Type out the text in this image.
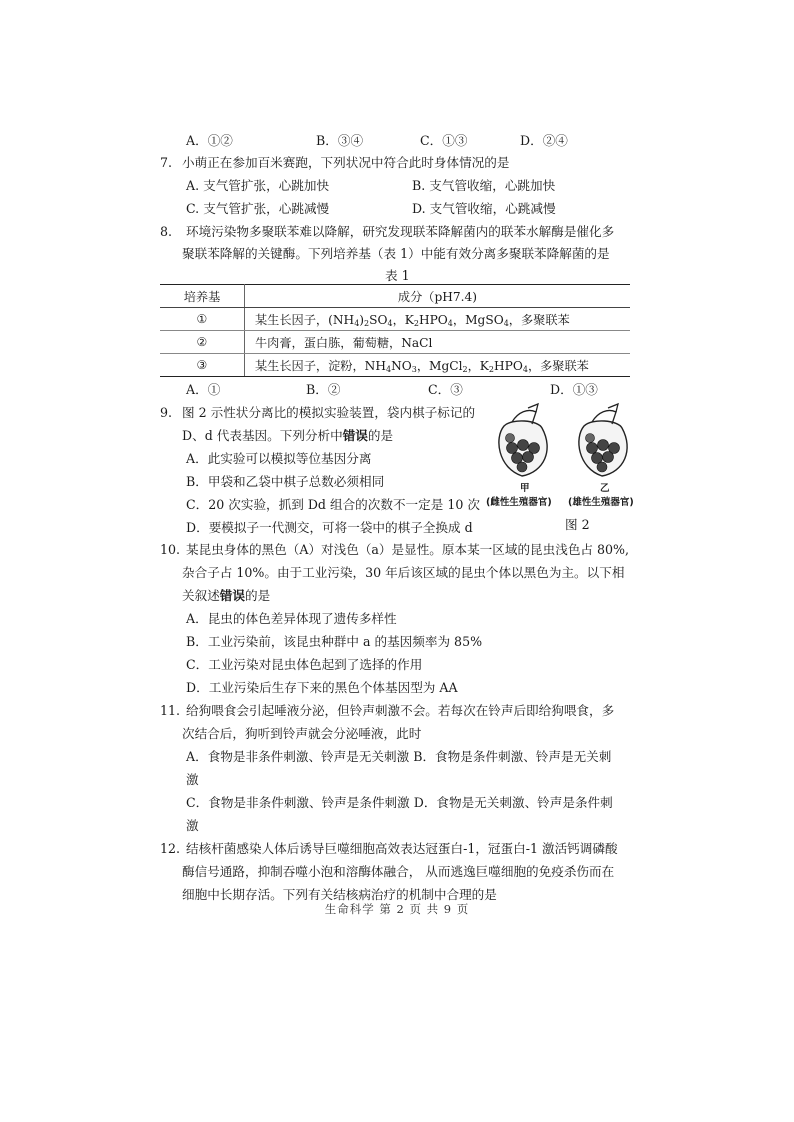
A．①②	B．③④	C．①③	D．②④
7. 小萌正在参加百米赛跑，下列状况中符合此时身体情况的是
A. 支气管扩张，心跳加快	B. 支气管收缩，心跳加快
C. 支气管扩张，心跳减慢	D. 支气管收缩，心跳减慢
8. 环境污染物多聚联苯难以降解，研究发现联苯降解菌内的联苯水解酶是催化多
聚联苯降解的关键酶。下列培养基（表 1）中能有效分离多聚联苯降解菌的是
表 1
培养基	成分（pH7.4)
①	某生长因子，$(NH_4)_2SO_4$，$K_2HPO_4$，MgSO$_4$，多聚联苯
②	牛肉膏，蛋白胨，葡萄糖，NaCl
③	某生长因子，淀粉，$NH_4NO_3$，MgCl$_2$，$K_2HPO_4$，多聚联苯
A．①	B．②	C．③	D．①③
9. 图 2 示性状分离比的模拟实验装置，袋内棋子标记的
D、d 代表基因。下列分析中错误的是
A．此实验可以模拟等位基因分离
B．甲袋和乙袋中棋子总数必须相同
C．20 次实验，抓到 Dd 组合的次数不一定是 10 次
D．要模拟子一代测交，可将一袋中的棋子全换成 d
甲
(雌性生殖器官)
乙
(雄性生殖器官)
图 2
10. 某昆虫身体的黑色（A）对浅色（a）是显性。原本某一区域的昆虫浅色占 80%,
杂合子占 10%。由于工业污染，30 年后该区域的昆虫个体以黑色为主。以下相
关叙述错误的是
A．昆虫的体色差异体现了遗传多样性
B．工业污染前，该昆虫种群中 a 的基因频率为 85%
C．工业污染对昆虫体色起到了选择的作用
D．工业污染后生存下来的黑色个体基因型为 AA
11. 给狗喂食会引起唾液分泌，但铃声刺激不会。若每次在铃声后即给狗喂食，多
次结合后，狗听到铃声就会分泌唾液，此时
A．食物是非条件刺激、铃声是无关刺激 B．食物是条件刺激、铃声是无关刺
激
C．食物是非条件刺激、铃声是条件刺激 D．食物是无关刺激、铃声是条件刺
激
12. 结核杆菌感染人体后诱导巨噬细胞高效表达冠蛋白-1，冠蛋白-1 激活钙调磷酸
酶信号通路，抑制吞噬小泡和溶酶体融合， 从而逃逸巨噬细胞的免疫杀伤而在
细胞中长期存活。下列有关结核病治疗的机制中合理的是
生命科学 第 2 页 共 9 页
